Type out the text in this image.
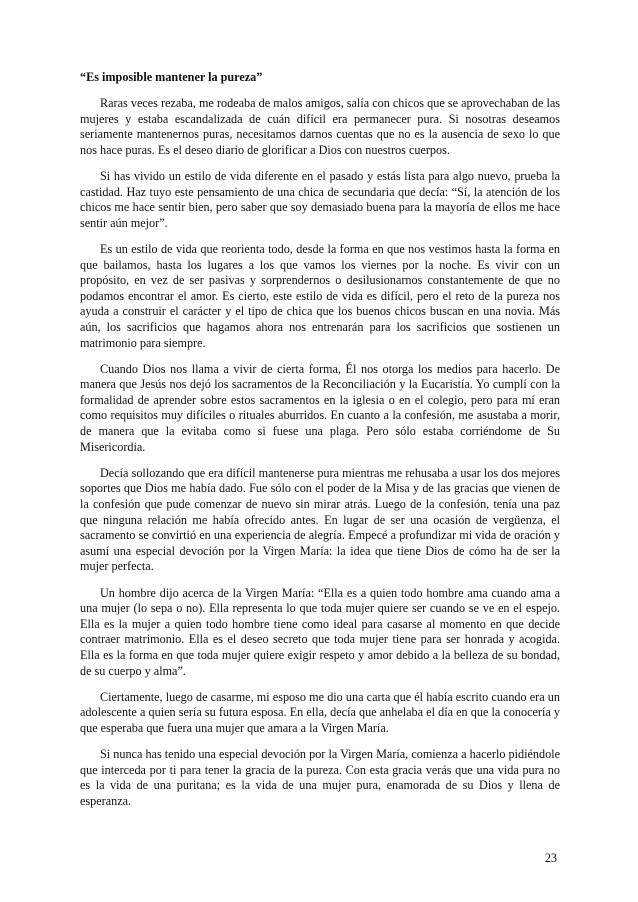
“Es imposible mantener la pureza”

Raras veces rezaba, me rodeaba de malos amigos, salía con chicos que se aprovechaban de las mujeres y estaba escandalizada de cuán difícil era permanecer pura. Si nosotras deseamos seriamente mantenernos puras, necesitamos darnos cuentas que no es la ausencia de sexo lo que nos hace puras. Es el deseo diario de glorificar a Dios con nuestros cuerpos.

Si has vivido un estilo de vida diferente en el pasado y estás lista para algo nuevo, prueba la castidad. Haz tuyo este pensamiento de una chica de secundaria que decía: “Sí, la atención de los chicos me hace sentir bien, pero saber que soy demasiado buena para la mayoría de ellos me hace sentir aún mejor”.

Es un estilo de vida que reorienta todo, desde la forma en que nos vestimos hasta la forma en que bailamos, hasta los lugares a los que vamos los viernes por la noche. Es vivir con un propósito, en vez de ser pasivas y sorprendernos o desilusionarnos constantemente de que no podamos encontrar el amor. Es cierto, este estilo de vida es difícil, pero el reto de la pureza nos ayuda a construir el carácter y el tipo de chica que los buenos chicos buscan en una novia. Más aún, los sacrificios que hagamos ahora nos entrenarán para los sacrificios que sostienen un matrimonio para siempre.

Cuando Dios nos llama a vivir de cierta forma, Él nos otorga los medios para hacerlo. De manera que Jesús nos dejó los sacramentos de la Reconciliación y la Eucaristía. Yo cumplí con la formalidad de aprender sobre estos sacramentos en la iglesia o en el colegio, pero para mí eran como requisitos muy difíciles o rituales aburridos. En cuanto a la confesión, me asustaba a morir, de manera que la evitaba como si fuese una plaga. Pero sólo estaba corriéndome de Su Misericordia.

Decía sollozando que era difícil mantenerse pura mientras me rehusaba a usar los dos mejores soportes que Dios me había dado. Fue sólo con el poder de la Misa y de las gracias que vienen de la confesión que pude comenzar de nuevo sin mirar atrás. Luego de la confesión, tenía una paz que ninguna relación me había ofrecido antes. En lugar de ser una ocasión de vergüenza, el sacramento se convirtió en una experiencia de alegría. Empecé a profundizar mi vida de oración y asumí una especial devoción por la Virgen María: la idea que tiene Dios de cómo ha de ser la mujer perfecta.

Un hombre dijo acerca de la Virgen María: “Ella es a quien todo hombre ama cuando ama a una mujer (lo sepa o no). Ella representa lo que toda mujer quiere ser cuando se ve en el espejo. Ella es la mujer a quien todo hombre tiene como ideal para casarse al momento en que decide contraer matrimonio. Ella es el deseo secreto que toda mujer tiene para ser honrada y acogida. Ella es la forma en que toda mujer quiere exigir respeto y amor debido a la belleza de su bondad, de su cuerpo y alma”.

Ciertamente, luego de casarme, mi esposo me dio una carta que él había escrito cuando era un adolescente a quien sería su futura esposa. En ella, decía que anhelaba el día en que la conocería y que esperaba que fuera una mujer que amara a la Virgen María.

Si nunca has tenido una especial devoción por la Virgen María, comienza a hacerlo pidiéndole que interceda por ti para tener la gracia de la pureza. Con esta gracia verás que una vida pura no es la vida de una puritana; es la vida de una mujer pura, enamorada de su Dios y llena de esperanza.

23
